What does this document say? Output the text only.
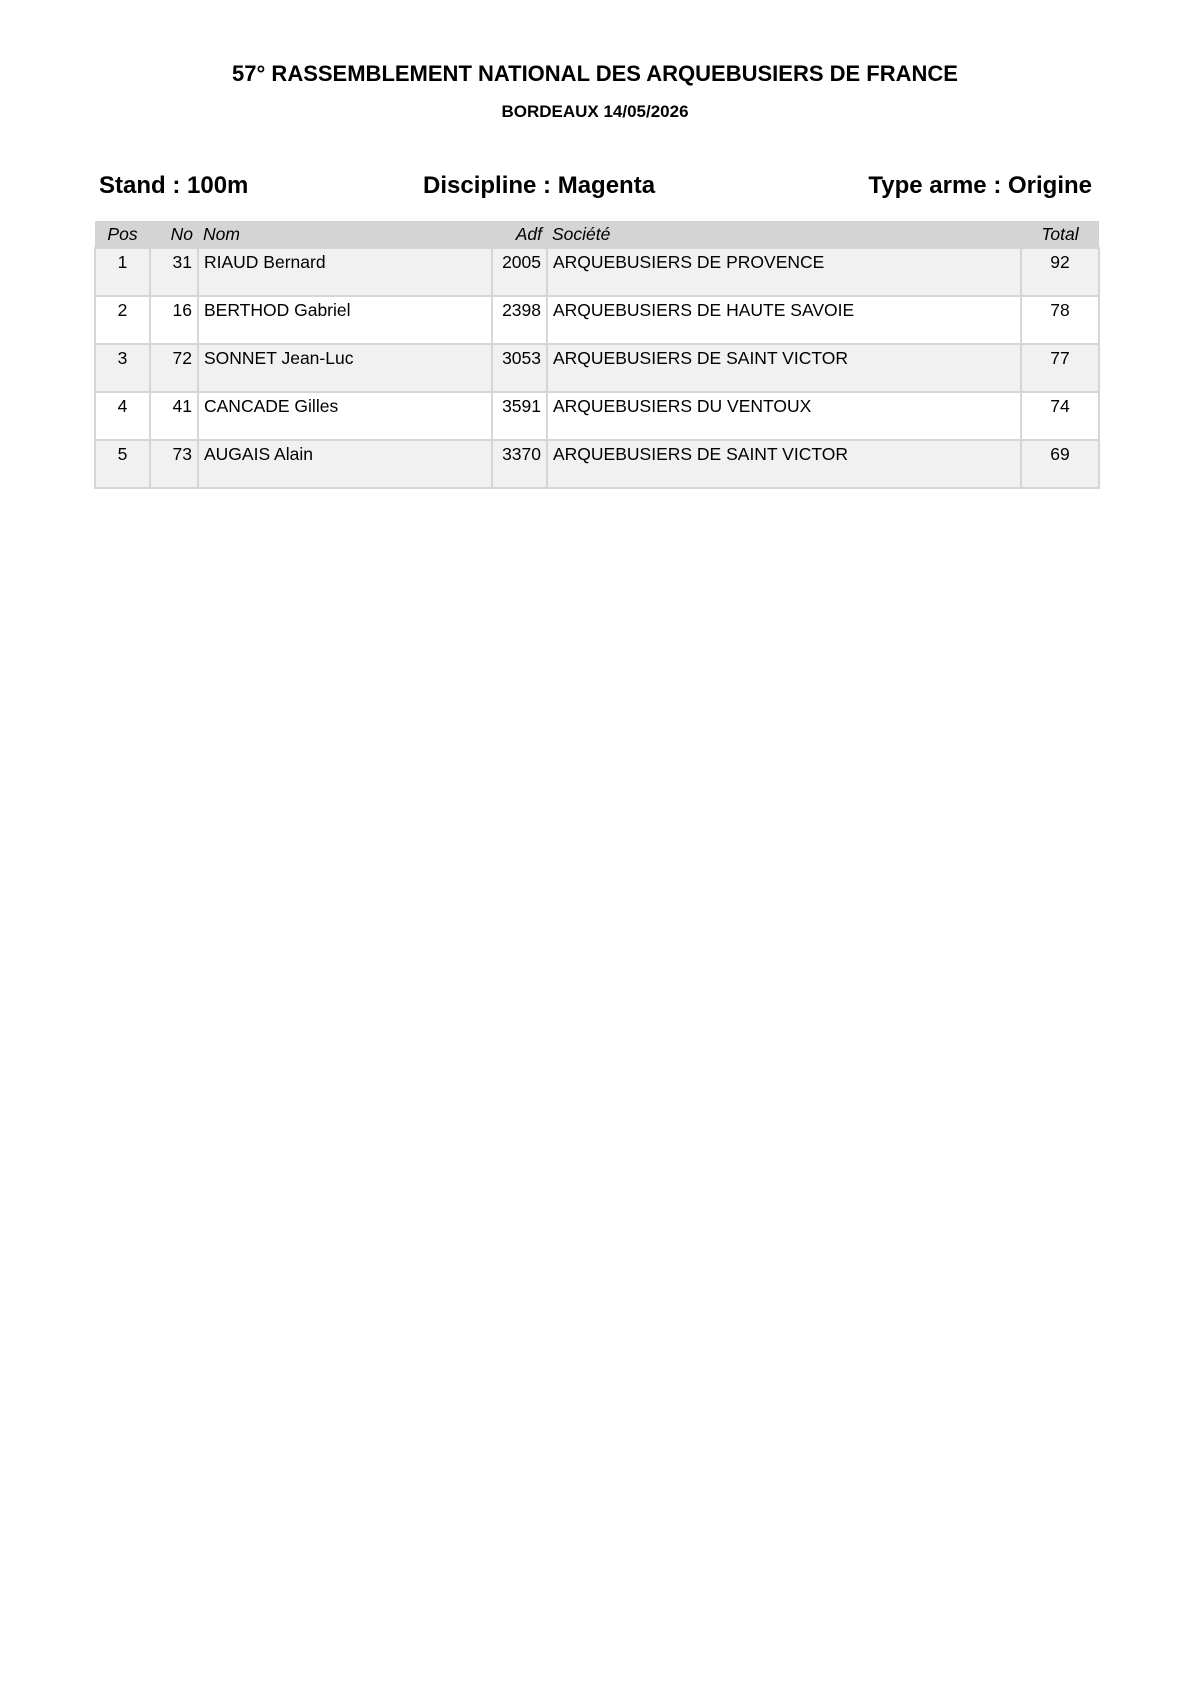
57° RASSEMBLEMENT NATIONAL DES ARQUEBUSIERS DE FRANCE
BORDEAUX 14/05/2026
Stand : 100m	Discipline : Magenta	Type arme : Origine
Pos	No	Nom	Adf	Société	Total
1	31	RIAUD Bernard	2005	ARQUEBUSIERS DE PROVENCE	92
2	16	BERTHOD Gabriel	2398	ARQUEBUSIERS DE HAUTE SAVOIE	78
3	72	SONNET Jean-Luc	3053	ARQUEBUSIERS DE SAINT VICTOR	77
4	41	CANCADE Gilles	3591	ARQUEBUSIERS DU VENTOUX	74
5	73	AUGAIS Alain	3370	ARQUEBUSIERS DE SAINT VICTOR	69
